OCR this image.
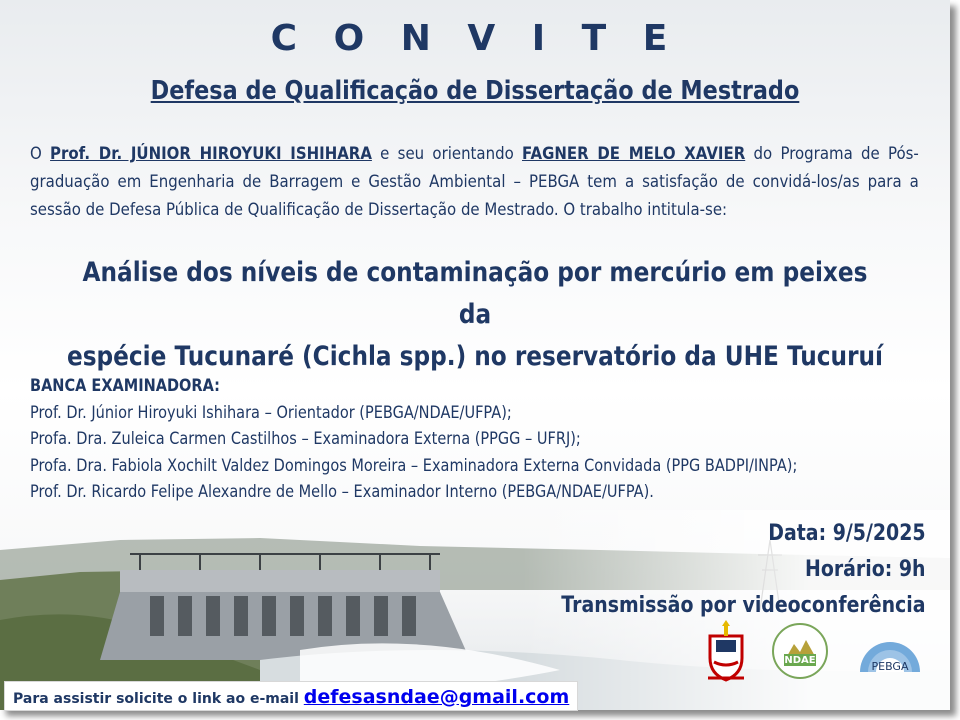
C O N V I T E
Defesa de Qualificação de Dissertação de Mestrado
O Prof. Dr. JÚNIOR HIROYUKI ISHIHARA e seu orientando FAGNER DE MELO XAVIER do Programa de Pós-graduação em Engenharia de Barragem e Gestão Ambiental – PEBGA tem a satisfação de convidá-los/as para a sessão de Defesa Pública de Qualificação de Dissertação de Mestrado. O trabalho intitula-se:
Análise dos níveis de contaminação por mercúrio em peixes da
espécie Tucunaré (Cichla spp.) no reservatório da UHE Tucuruí
BANCA EXAMINADORA:
Prof. Dr. Júnior Hiroyuki Ishihara – Orientador (PEBGA/NDAE/UFPA);
Profa. Dra. Zuleica Carmen Castilhos – Examinadora Externa (PPGG – UFRJ);
Profa. Dra. Fabiola Xochilt Valdez Domingos Moreira – Examinadora Externa Convidada (PPG BADPI/INPA);
Prof. Dr. Ricardo Felipe Alexandre de Mello – Examinador Interno (PEBGA/NDAE/UFPA).
Data: 9/5/2025
Horário: 9h
Transmissão por videoconferência
NDAE	PEBGA
Para assistir solicite o link ao e-mail defesasndae@gmail.com
